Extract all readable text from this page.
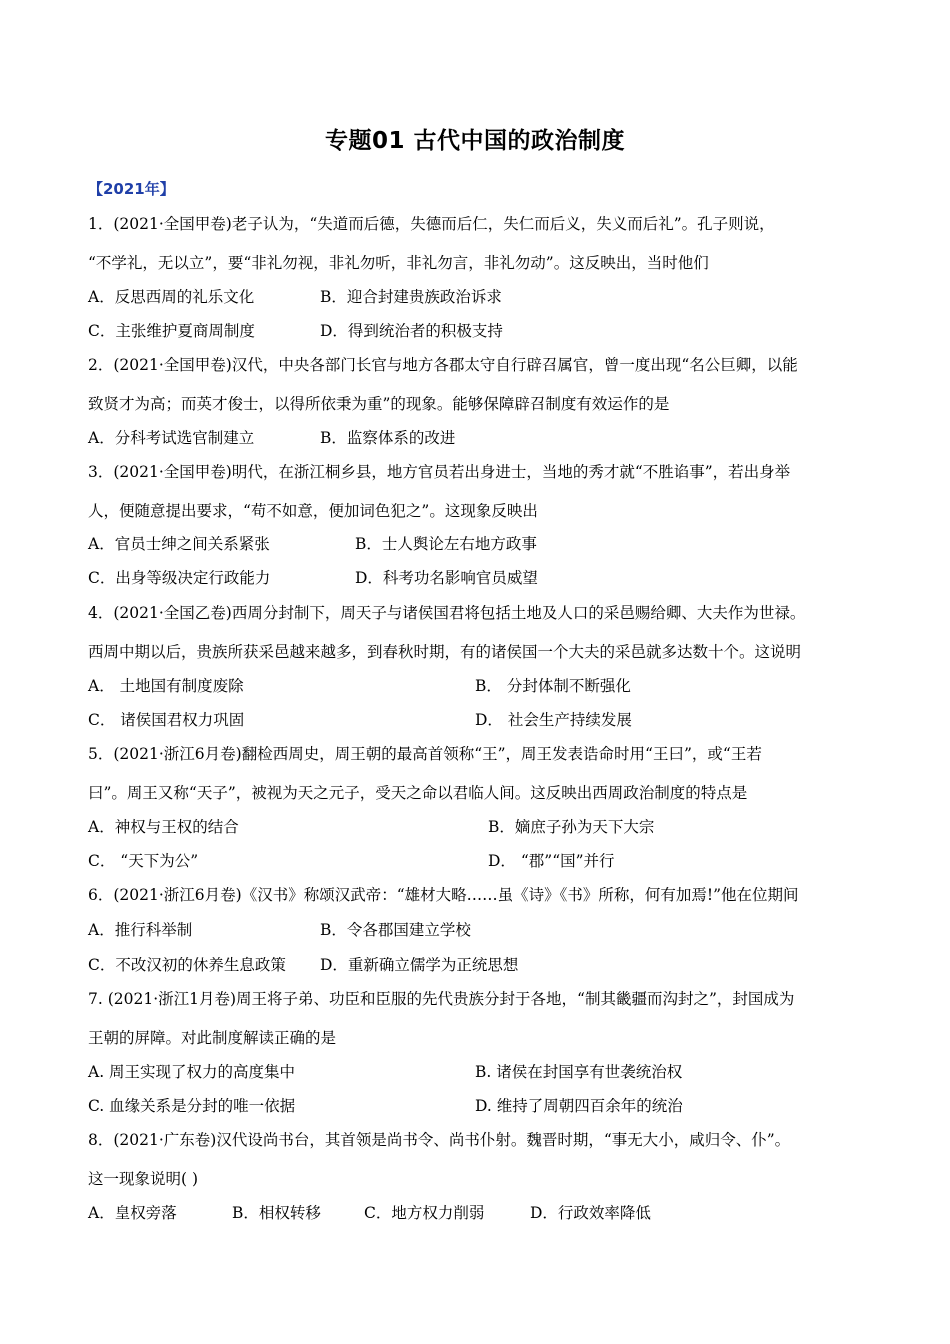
专题01 古代中国的政治制度
【2021年】
1．(2021·全国甲卷)老子认为，“失道而后德，失德而后仁，失仁而后义，失义而后礼”。孔子则说，
“不学礼，无以立”，要“非礼勿视，非礼勿听，非礼勿言，非礼勿动”。这反映出，当时他们
A．反思西周的礼乐文化	B．迎合封建贵族政治诉求
C．主张维护夏商周制度	D．得到统治者的积极支持
2．(2021·全国甲卷)汉代，中央各部门长官与地方各郡太守自行辟召属官，曾一度出现“名公巨卿，以能
致贤才为高；而英才俊士，以得所依秉为重”的现象。能够保障辟召制度有效运作的是
A．分科考试选官制建立	B．监察体系的改进
3．(2021·全国甲卷)明代，在浙江桐乡县，地方官员若出身进士，当地的秀才就“不胜谄事”，若出身举
人，便随意提出要求，“苟不如意，便加词色犯之”。这现象反映出
A．官员士绅之间关系紧张	B．士人舆论左右地方政事
C．出身等级决定行政能力	D．科考功名影响官员威望
4．(2021·全国乙卷)西周分封制下，周天子与诸侯国君将包括土地及人口的采邑赐给卿、大夫作为世禄。
西周中期以后，贵族所获采邑越来越多，到春秋时期，有的诸侯国一个大夫的采邑就多达数十个。这说明
A． 土地国有制度废除	B． 分封体制不断强化
C． 诸侯国君权力巩固	D． 社会生产持续发展
5．(2021·浙江6月卷)翻检西周史，周王朝的最高首领称“王”，周王发表诰命时用“王曰”，或“王若
曰”。周王又称“天子”，被视为天之元子，受天之命以君临人间。这反映出西周政治制度的特点是
A．神权与王权的结合	B．嫡庶子孙为天下大宗
C． “天下为公”	D． “郡”“国”并行
6．(2021·浙江6月卷)《汉书》称颂汉武帝：“雄材大略……虽《诗》《书》所称，何有加焉!”他在位期间
A．推行科举制	B．令各郡国建立学校
C．不改汉初的休养生息政策 D．重新确立儒学为正统思想
7. (2021·浙江1月卷)周王将子弟、功臣和臣服的先代贵族分封于各地，“制其畿疆而沟封之”，封国成为
王朝的屏障。对此制度解读正确的是
A. 周王实现了权力的高度集中	B. 诸侯在封国享有世袭统治权
C. 血缘关系是分封的唯一依据	D. 维持了周朝四百余年的统治
8．(2021·广东卷)汉代设尚书台，其首领是尚书令、尚书仆射。魏晋时期，“事无大小，咸归令、仆”。
这一现象说明( )
A．皇权旁落	B．相权转移	C．地方权力削弱	D．行政效率降低
